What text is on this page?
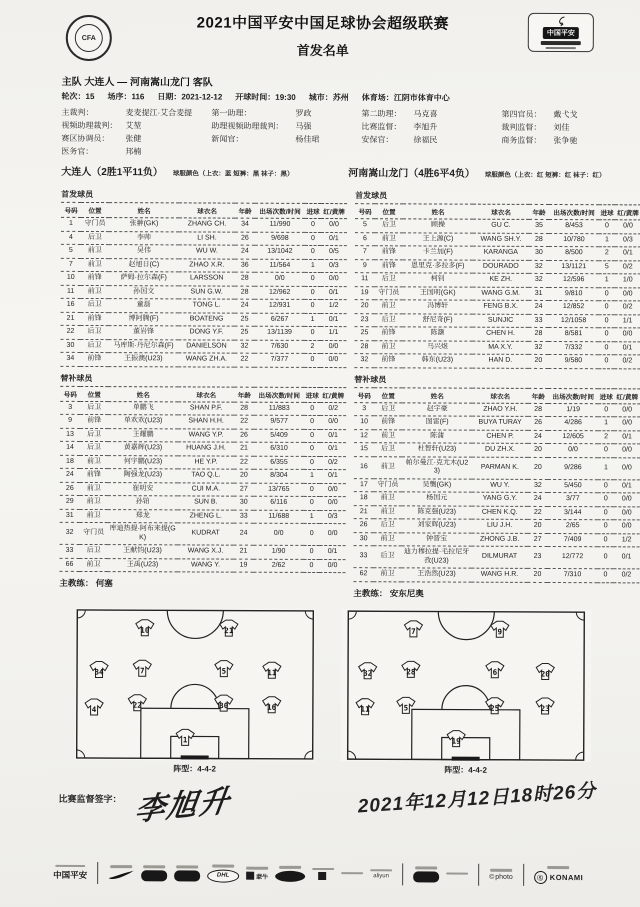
CFA
2021中国平安中国足球协会超级联赛
首发名单
⤹
中国平安
主队 大连人 — 河南嵩山龙门 客队
轮次：15 场序：116 日期：2021-12-12 开球时间：19:30 城市：苏州 体育场：江阴市体育中心
主裁判：	麦麦提江·艾合麦提 第一助理：	罗政	第二助理：	马克喜	第四官员：	戴弋戈
视频助理裁判： 艾堃	助理视频助理裁判：	马强	比赛监督：	李旭升	裁判监督：	刘佳
赛区协调员：	张健	新闻官：	杨佳珺	安保官：	徐福民	商务监督：	张争驰
医务官：	邦楠
大连人（2胜1平11负） 球服颜色（上衣：蓝 短裤：黑 袜子：黑）	河南嵩山龙门（4胜6平4负） 球服颜色（上衣：红 短裤：红 袜子：红）
首发球员
号码	位置	姓名	球衣名	年龄	出场次数/时间	进球	红/黄牌
1	守门员	张翀(GK)	ZHANG CH.	34	11/990	0	0/0
4	后卫	李帅	LI SH.	26	9/698	0	0/1
5	前卫	吴伟	WU W.	24	13/1042	0	0/5
7	前卫	赵旭日(C)	ZHAO X.R.	36	11/564	1	0/3
10	前锋	萨姆·拉尔森(F)	LARSSON	28	0/0	0	0/0
11	前卫	孙国文	SUN G.W.	28	12/962	0	0/1
16	后卫	童磊	TONG L.	24	12/931	0	1/2
21	前锋	博阿腾(F)	BOATENG	25	6/267	1	0/1
22	后卫	董岩锋	DONG Y.F.	25	13/1139	0	1/1
30	后卫	马库斯·丹尼尔森(F)	DANIELSON	32	7/630	2	0/0
34	前锋	王振澳(U23)	WANG ZH.A.	22	7/377	0	0/0
替补球员
号码	位置	姓名	球衣名	年龄	出场次数/时间	进球	红/黄牌
3	后卫	单鹏飞	SHAN P.F.	28	11/883	0	0/2
9	前锋	单欢欢(U23)	SHAN H.H.	22	9/577	0	0/0
13	后卫	王耀鹏	WANG Y.P.	26	5/409	0	0/1
14	后卫	黄嘉辉(U23)	HUANG J.H.	21	6/310	0	0/1
18	前卫	何宇鹏(U23)	HE Y.P.	22	6/355	0	0/2
24	前锋	陶强龙(U23)	TAO Q.L.	20	8/304	1	0/1
26	前卫	崔明安	CUI M.A.	27	13/765	0	0/0
29	前卫	孙铂	SUN B.	30	6/116	0	0/0
31	前卫	郑龙	ZHENG L.	33	11/688	1	0/3
32	守门员	库迪热提·阿布来提(GK)	KUDRAT	24	0/0	0	0/0
33	后卫	王献钧(U23)	WANG X.J.	21	1/90	0	0/1
66	前卫	王禹(U23)	WANG Y.	19	2/62	0	0/0
主教练： 何塞
首发球员
号码	位置	姓名	球衣名	年龄	出场次数/时间	进球	红/黄牌
5	后卫	顾操	GU C.	35	8/453	0	0/0
6	前卫	王上源(C)	WANG SH.Y.	28	10/780	1	0/3
7	前锋	卡兰加(F)	KARANGA	30	8/500	2	0/1
9	前锋	恩里克·多拉多(F)	DOURADO	32	13/1121	5	0/2
11	后卫	柯钊	KE ZH.	32	12/596	1	1/0
19	守门员	王国明(GK)	WANG G.M.	31	9/810	0	0/0
20	前卫	冯博轩	FENG B.X.	24	12/852	0	0/2
23	后卫	舒尼奇(F)	SUNJIC	33	12/1058	0	1/1
25	前锋	陈灏	CHEN H.	28	8/581	0	0/0
28	前卫	马兴煜	MA X.Y.	32	7/332	0	0/1
32	前锋	韩东(U23)	HAN D.	20	9/580	0	0/2
替补球员
号码	位置	姓名	球衣名	年龄	出场次数/时间	进球	红/黄牌
3	后卫	赵宇豪	ZHAO Y.H.	28	1/19	0	0/0
10	前锋	图雷(F)	BUYA TURAY	26	4/286	1	0/0
12	前卫	陈蒲	CHEN P.	24	12/605	2	0/1
15	后卫	杜智轩(U23)	DU ZH.X.	20	0/0	0	0/0
16	前卫	帕尔曼江·克尤木(U23)	PARMAN K.	20	9/286	1	0/0
17	守门员	吴龑(GK)	WU Y.	32	5/450	0	0/1
18	前卫	杨国元	YANG G.Y.	24	3/77	0	0/0
21	前卫	陈克强(U23)	CHEN K.Q.	22	3/144	0	0/0
26	后卫	刘家辉(U23)	LIU J.H.	20	2/65	0	0/0
30	前卫	钟晋宝	ZHONG J.B.	27	7/409	0	1/2
33	后卫	迪力穆拉提·毛拉尼牙孜(U23)	DILMURAT	23	12/772	0	0/1
62	前卫	王浩然(U23)	WANG H.R.	20	7/310	0	0/2
主教练： 安东尼奥
10	21
34	7	5	11
4	22	30	16
1
阵型：4-4-2
7	9
32	28	6	20
11	5	25	23
19
阵型：4-4-2
比赛监督签字： 李旭升	2021年12月12日18时26分
中国平安	DHL	蒙牛	aliyun	© photo	Ⓢ KONAMI
